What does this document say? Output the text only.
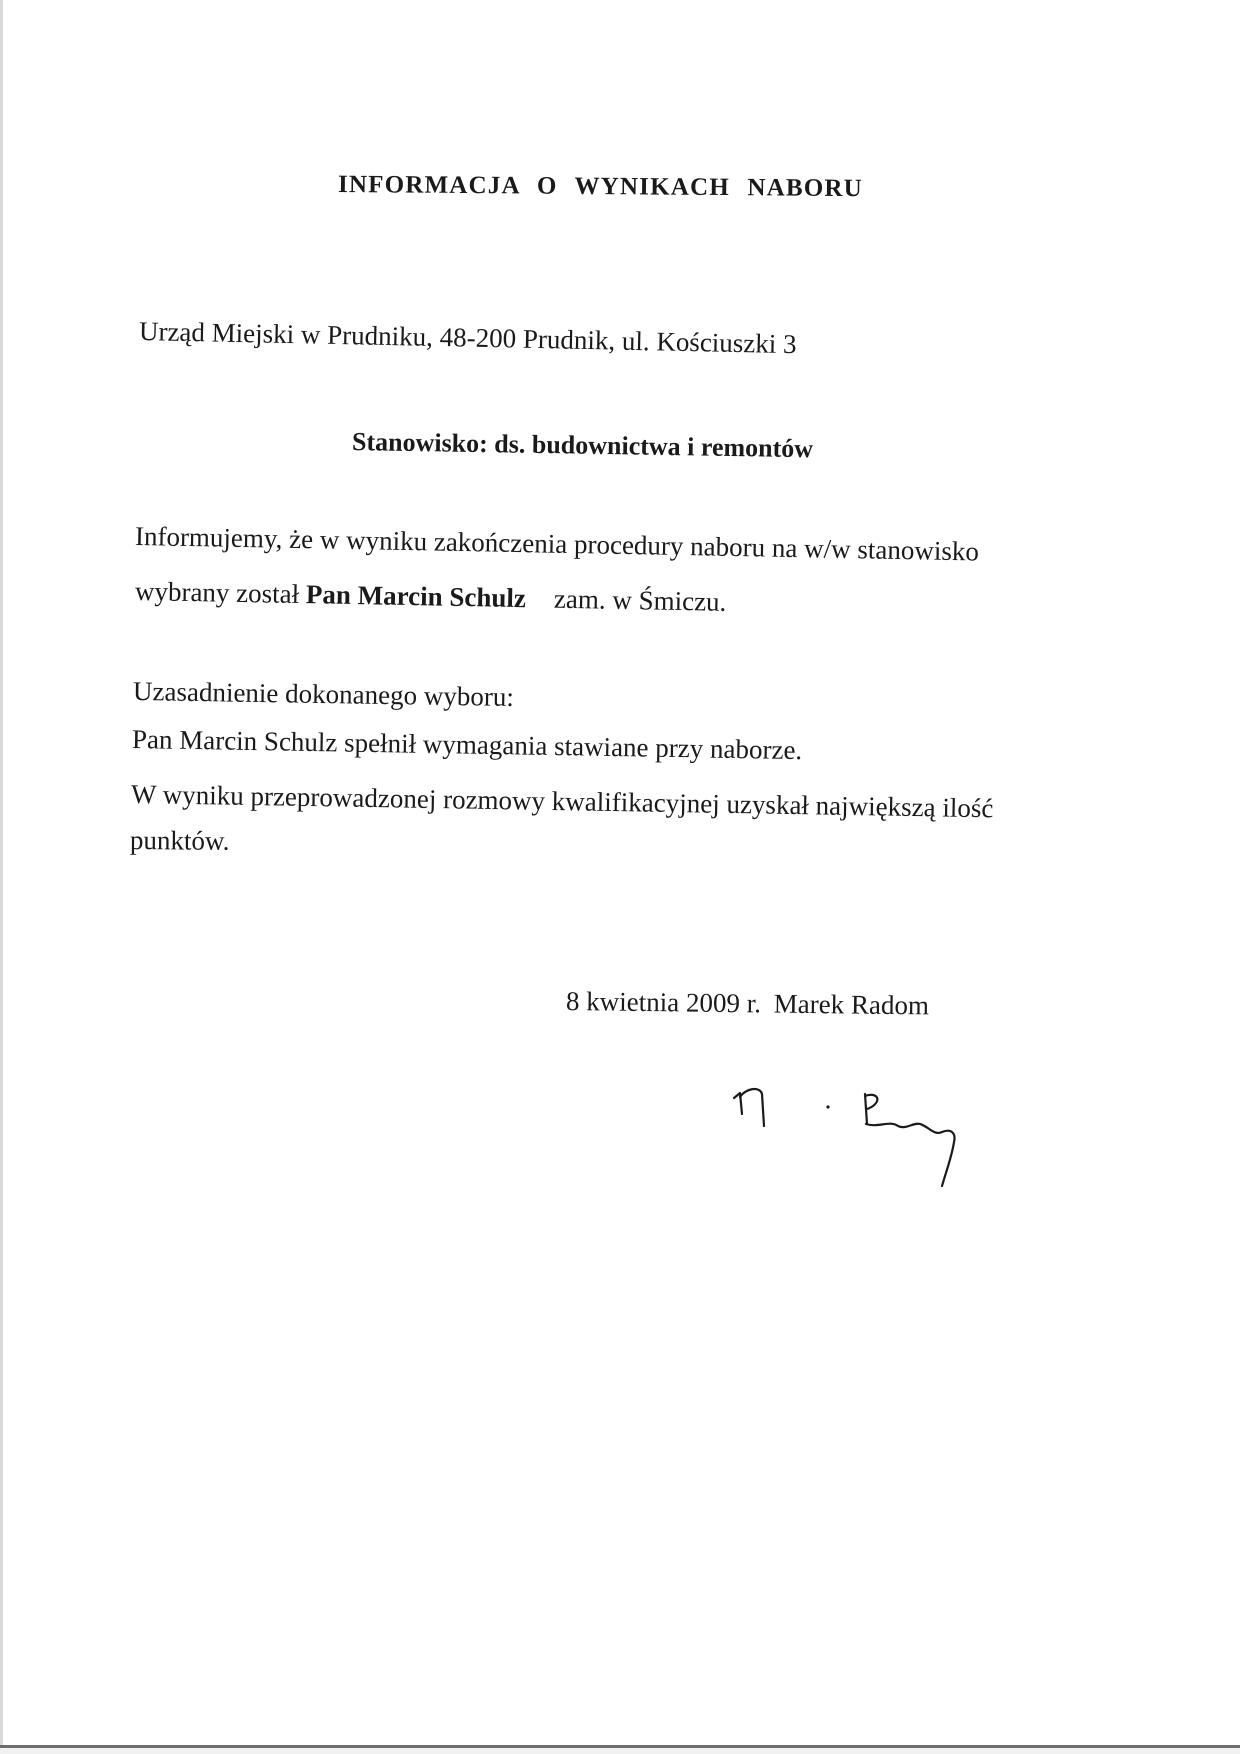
INFORMACJA O WYNIKACH NABORU
Urząd Miejski w Prudniku, 48-200 Prudnik, ul. Kościuszki 3
Stanowisko: ds. budownictwa i remontów
Informujemy, że w wyniku zakończenia procedury naboru na w/w stanowisko
wybrany został Pan Marcin Schulz zam. w Śmiczu.
Uzasadnienie dokonanego wyboru:
Pan Marcin Schulz spełnił wymagania stawiane przy naborze.
W wyniku przeprowadzonej rozmowy kwalifikacyjnej uzyskał największą ilość
punktów.
8 kwietnia 2009 r. Marek Radom
